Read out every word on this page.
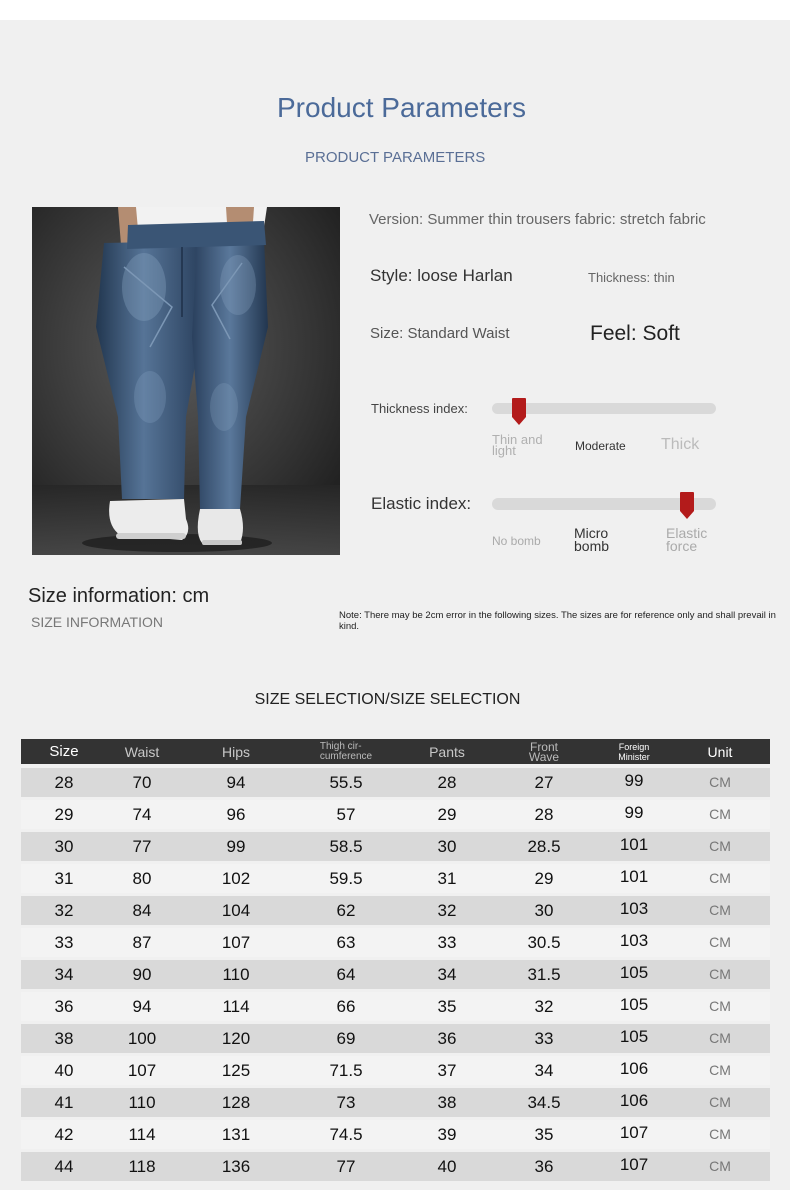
Product Parameters
PRODUCT PARAMETERS
Version: Summer thin trousers fabric: stretch fabric
Style: loose Harlan	Thickness: thin
Size: Standard Waist	Feel: Soft
Thickness index:
Thin and
light	Moderate Thick
Elastic index:
No bomb Micro
bomb
Elastic
force
Size information: cm
SIZE INFORMATION	Note: There may be 2cm error in the following sizes. The sizes are for reference only and shall prevail in kind.
SIZE SELECTION/SIZE SELECTION
Size	Waist	Hips	Thigh cir-
cumference	Pants	Front
Wave
Foreign
Minister	Unit
28	70	94	55.5	28	27	99	CM
29	74	96	57	29	28	99	CM
30	77	99	58.5	30	28.5	101	CM
31	80	102	59.5	31	29	101	CM
32	84	104	62	32	30	103	CM
33	87	107	63	33	30.5	103	CM
34	90	110	64	34	31.5	105	CM
36	94	114	66	35	32	105	CM
38	100	120	69	36	33	105	CM
40	107	125	71.5	37	34	106	CM
41	110	128	73	38	34.5	106	CM
42	114	131	74.5	39	35	107	CM
44	118	136	77	40	36	107	CM
